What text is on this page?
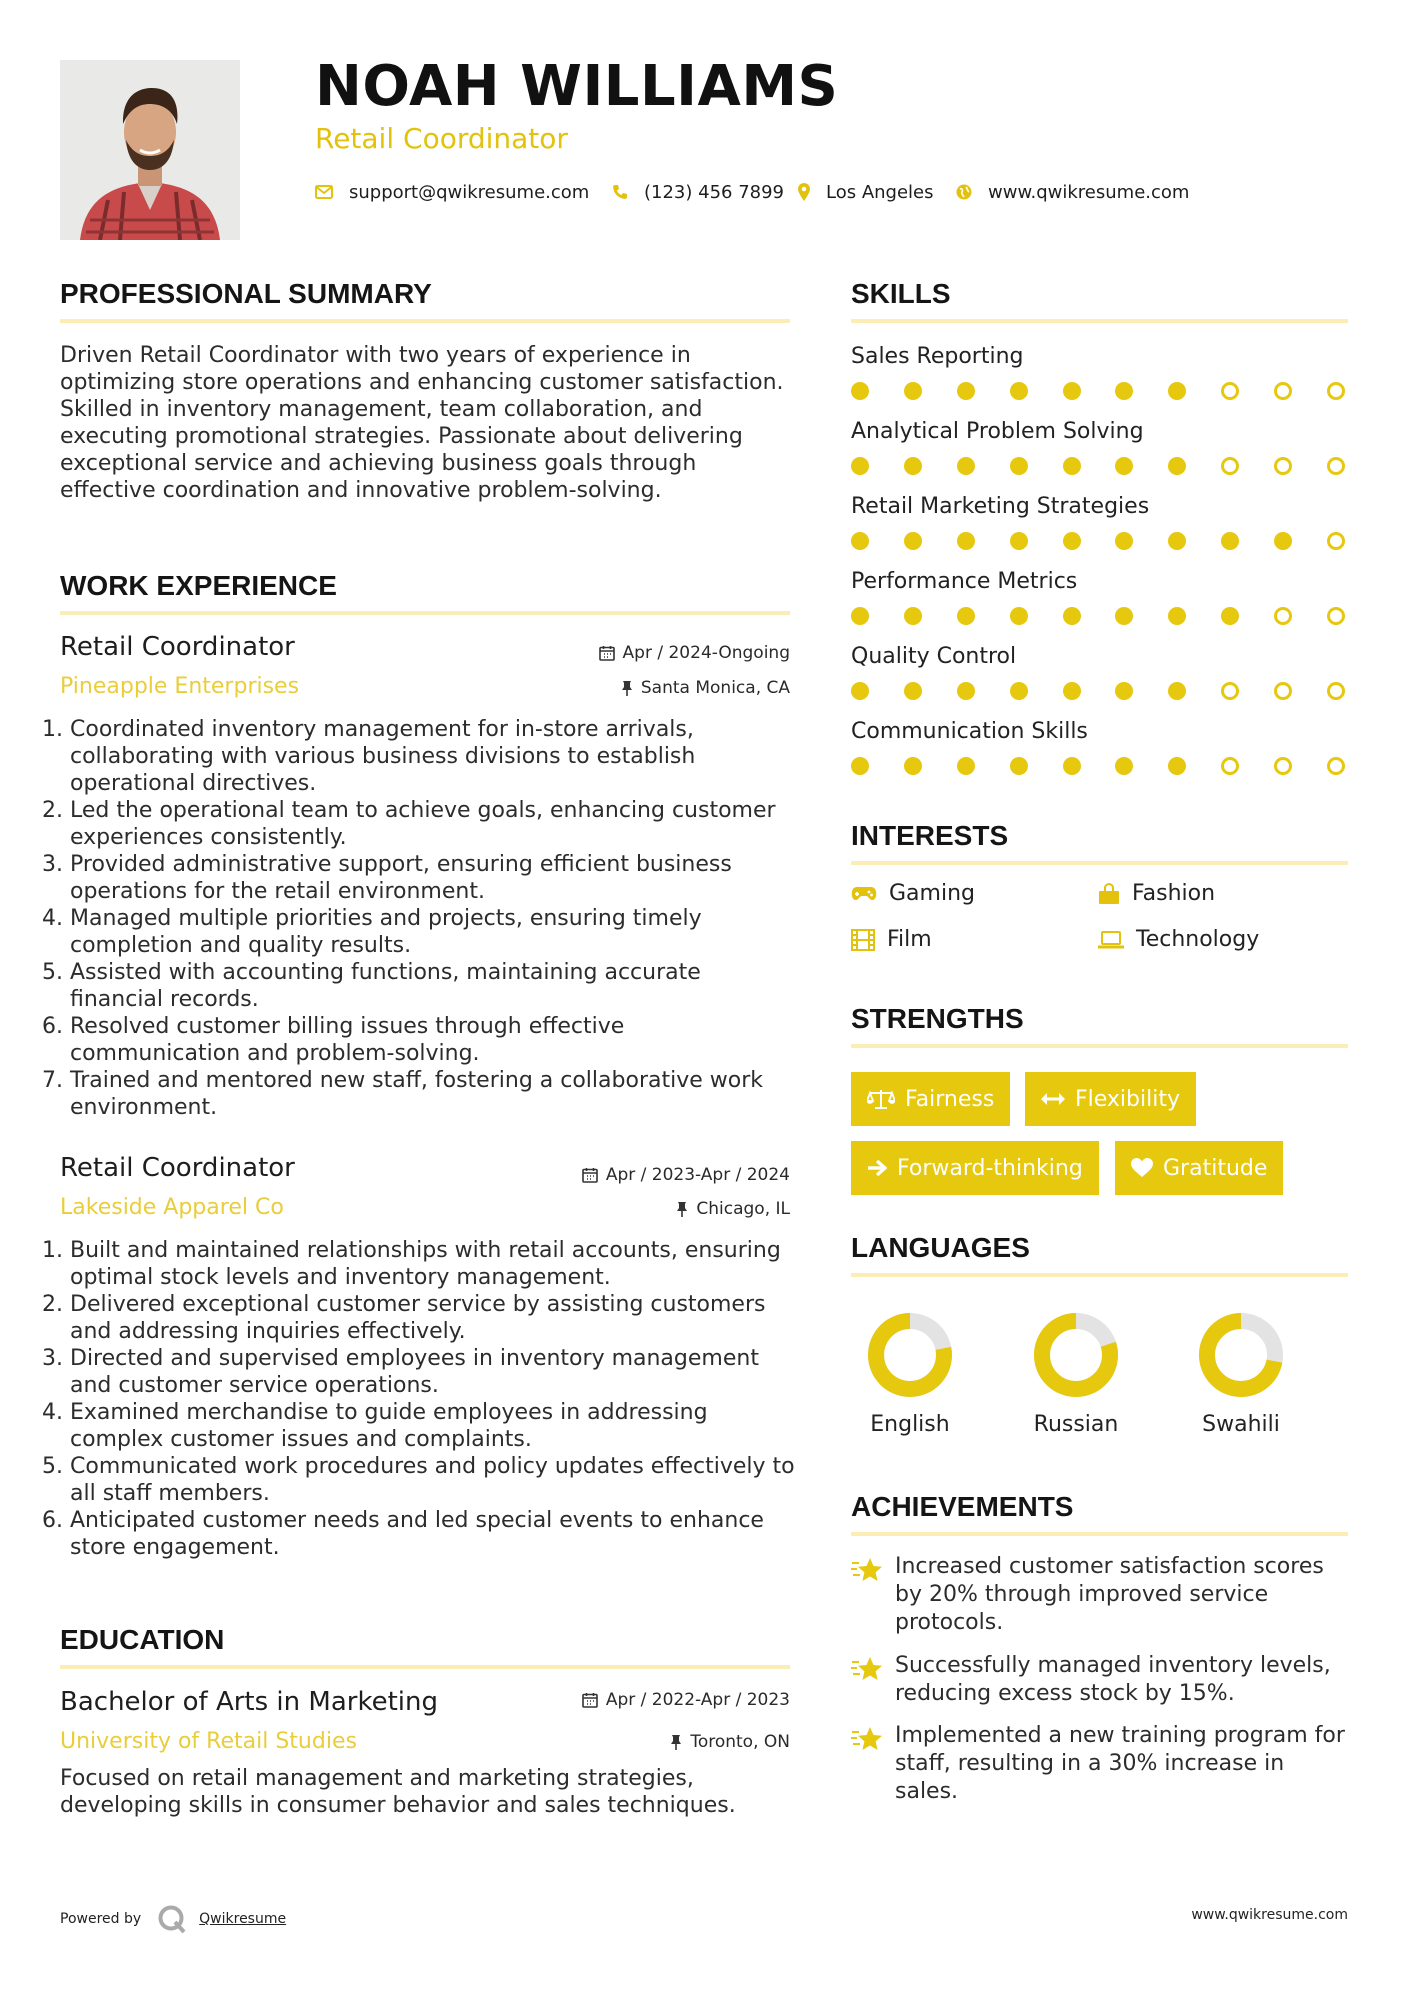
NOAH WILLIAMS
Retail Coordinator
support@qwikresume.com	(123) 456 7899 Los Angeles	www.qwikresume.com
PROFESSIONAL SUMMARY
Driven Retail Coordinator with two years of experience in optimizing store operations and enhancing customer satisfaction. Skilled in inventory management, team collaboration, and executing promotional strategies. Passionate about delivering exceptional service and achieving business goals through effective coordination and innovative problem-solving.
WORK EXPERIENCE
Retail Coordinator	Apr / 2024-Ongoing
Pineapple Enterprises	Santa Monica, CA
1. Coordinated inventory management for in-store arrivals, collaborating with various business divisions to establish operational directives.
2. Led the operational team to achieve goals, enhancing customer experiences consistently.
3. Provided administrative support, ensuring efficient business operations for the retail environment.
4. Managed multiple priorities and projects, ensuring timely completion and quality results.
5. Assisted with accounting functions, maintaining accurate financial records.
6. Resolved customer billing issues through effective communication and problem-solving.
7. Trained and mentored new staff, fostering a collaborative work environment.
Retail Coordinator	Apr / 2023-Apr / 2024
Lakeside Apparel Co	Chicago, IL
1. Built and maintained relationships with retail accounts, ensuring optimal stock levels and inventory management.
2. Delivered exceptional customer service by assisting customers and addressing inquiries effectively.
3. Directed and supervised employees in inventory management and customer service operations.
4. Examined merchandise to guide employees in addressing complex customer issues and complaints.
5. Communicated work procedures and policy updates effectively to all staff members.
6. Anticipated customer needs and led special events to enhance store engagement.
EDUCATION
Bachelor of Arts in Marketing	Apr / 2022-Apr / 2023
University of Retail Studies	Toronto, ON
Focused on retail management and marketing strategies, developing skills in consumer behavior and sales techniques.
SKILLS
Sales Reporting
Analytical Problem Solving
Retail Marketing Strategies
Performance Metrics
Quality Control
Communication Skills
INTERESTS
Gaming	Fashion
Film	Technology
STRENGTHS
Fairness	Flexibility
Forward-thinking	Gratitude
LANGUAGES
English	Russian	Swahili
ACHIEVEMENTS
Increased customer satisfaction scores by 20% through improved service protocols.
Successfully managed inventory levels, reducing excess stock by 15%.
Implemented a new training program for staff, resulting in a 30% increase in sales.
Powered by	Qwikresume	www.qwikresume.com
